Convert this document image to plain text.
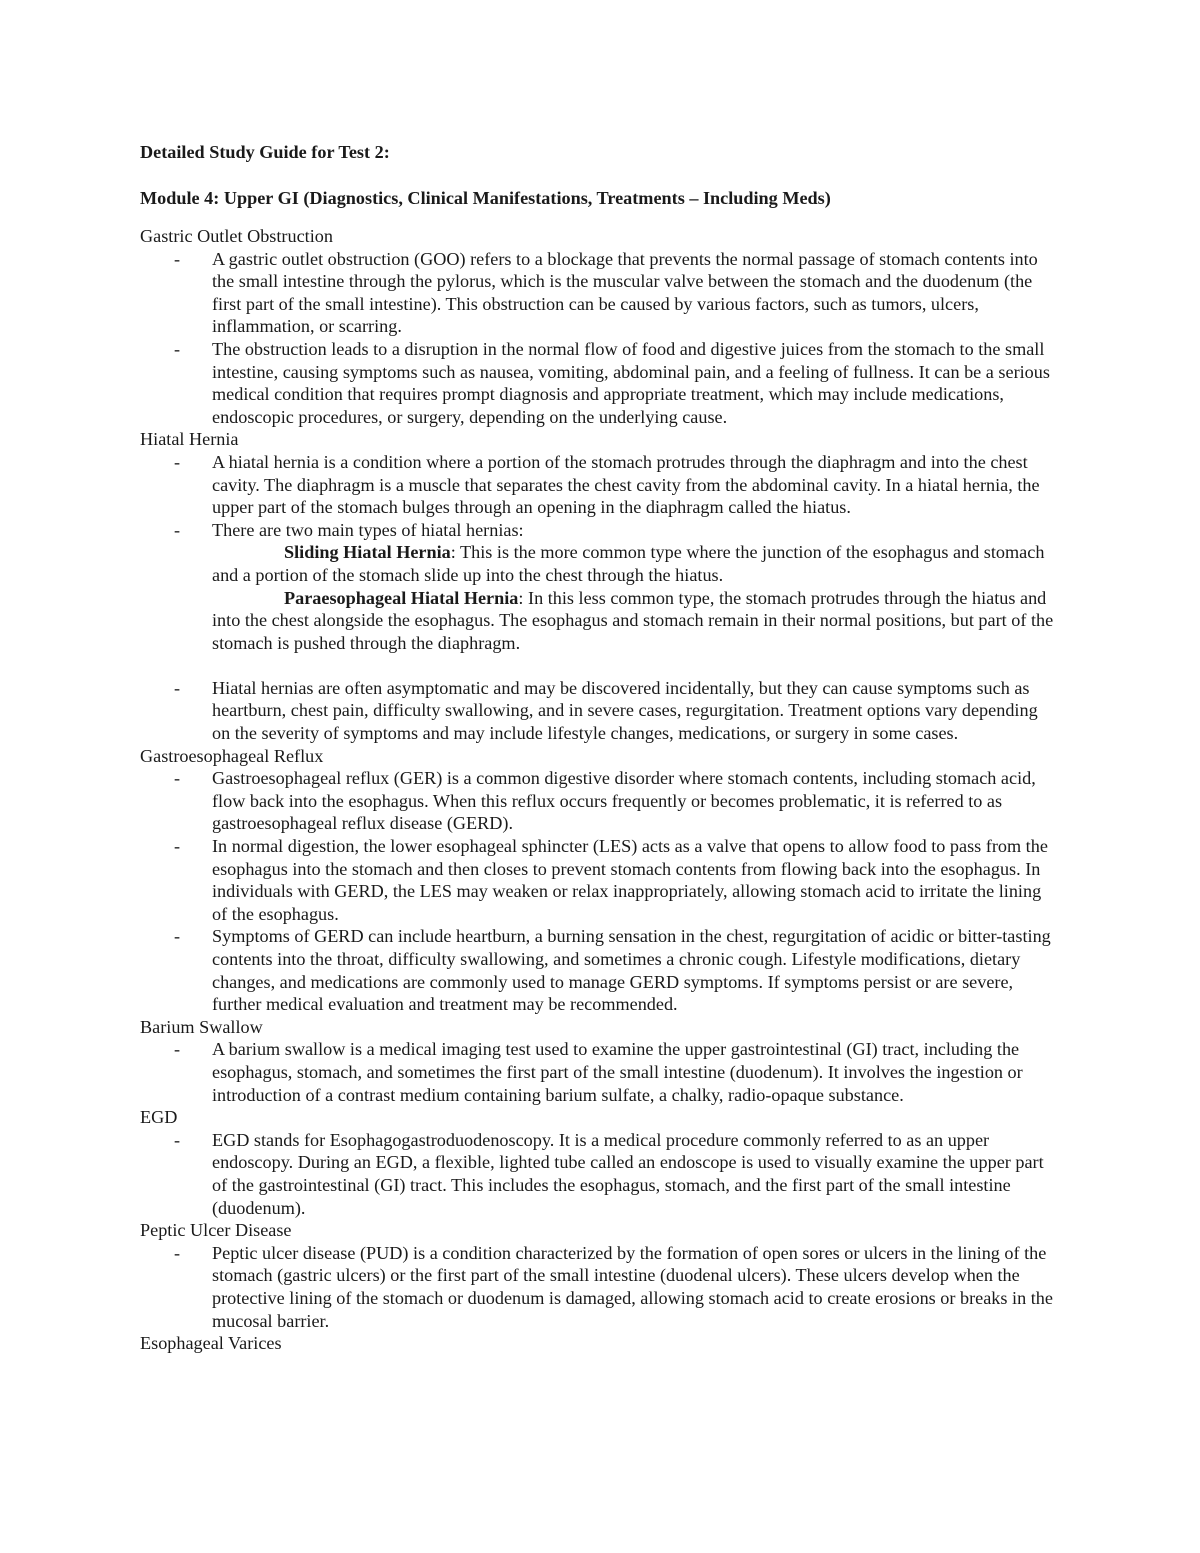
Detailed Study Guide for Test 2:

Module 4: Upper GI (Diagnostics, Clinical Manifestations, Treatments – Including Meds)

Gastric Outlet Obstruction

- A gastric outlet obstruction (GOO) refers to a blockage that prevents the normal passage of stomach contents into the small intestine through the pylorus, which is the muscular valve between the stomach and the duodenum (the first part of the small intestine). This obstruction can be caused by various factors, such as tumors, ulcers, inflammation, or scarring.
- The obstruction leads to a disruption in the normal flow of food and digestive juices from the stomach to the small intestine, causing symptoms such as nausea, vomiting, abdominal pain, and a feeling of fullness. It can be a serious medical condition that requires prompt diagnosis and appropriate treatment, which may include medications, endoscopic procedures, or surgery, depending on the underlying cause.

Hiatal Hernia

- A hiatal hernia is a condition where a portion of the stomach protrudes through the diaphragm and into the chest cavity. The diaphragm is a muscle that separates the chest cavity from the abdominal cavity. In a hiatal hernia, the upper part of the stomach bulges through an opening in the diaphragm called the hiatus.
- There are two main types of hiatal hernias:

Sliding Hiatal Hernia: This is the more common type where the junction of the esophagus and stomach and a portion of the stomach slide up into the chest through the hiatus.

Paraesophageal Hiatal Hernia: In this less common type, the stomach protrudes through the hiatus and into the chest alongside the esophagus. The esophagus and stomach remain in their normal positions, but part of the stomach is pushed through the diaphragm.

- Hiatal hernias are often asymptomatic and may be discovered incidentally, but they can cause symptoms such as heartburn, chest pain, difficulty swallowing, and in severe cases, regurgitation. Treatment options vary depending on the severity of symptoms and may include lifestyle changes, medications, or surgery in some cases.

Gastroesophageal Reflux

- Gastroesophageal reflux (GER) is a common digestive disorder where stomach contents, including stomach acid, flow back into the esophagus. When this reflux occurs frequently or becomes problematic, it is referred to as gastroesophageal reflux disease (GERD).
- In normal digestion, the lower esophageal sphincter (LES) acts as a valve that opens to allow food to pass from the esophagus into the stomach and then closes to prevent stomach contents from flowing back into the esophagus. In individuals with GERD, the LES may weaken or relax inappropriately, allowing stomach acid to irritate the lining of the esophagus.
- Symptoms of GERD can include heartburn, a burning sensation in the chest, regurgitation of acidic or bitter-tasting contents into the throat, difficulty swallowing, and sometimes a chronic cough. Lifestyle modifications, dietary changes, and medications are commonly used to manage GERD symptoms. If symptoms persist or are severe, further medical evaluation and treatment may be recommended.

Barium Swallow

- A barium swallow is a medical imaging test used to examine the upper gastrointestinal (GI) tract, including the esophagus, stomach, and sometimes the first part of the small intestine (duodenum). It involves the ingestion or introduction of a contrast medium containing barium sulfate, a chalky, radio-opaque substance.

EGD

- EGD stands for Esophagogastroduodenoscopy. It is a medical procedure commonly referred to as an upper endoscopy. During an EGD, a flexible, lighted tube called an endoscope is used to visually examine the upper part of the gastrointestinal (GI) tract. This includes the esophagus, stomach, and the first part of the small intestine (duodenum).

Peptic Ulcer Disease

- Peptic ulcer disease (PUD) is a condition characterized by the formation of open sores or ulcers in the lining of the stomach (gastric ulcers) or the first part of the small intestine (duodenal ulcers). These ulcers develop when the protective lining of the stomach or duodenum is damaged, allowing stomach acid to create erosions or breaks in the mucosal barrier.

Esophageal Varices
